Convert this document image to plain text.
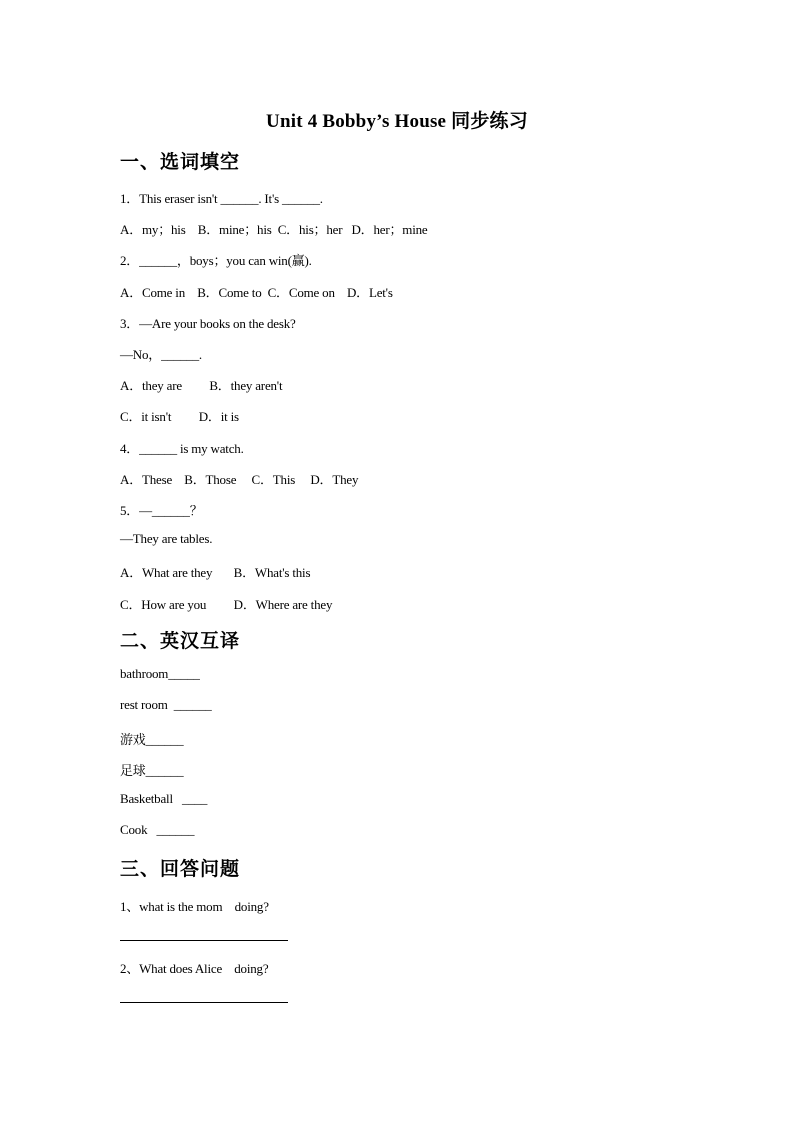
Unit 4 Bobby’s House 同步练习
一、选词填空
1．This eraser isn't ______. It's ______.
A．my；his    B．mine；his  C．his；her   D．her；mine
2．______，boys；you can win(赢).
A．Come in    B．Come to  C．Come on    D．Let's
3．—Are your books on the desk?
—No，______.
A．they are         B．they aren't
C．it isn't         D．it is
4．______ is my watch.
A．These    B．Those     C．This     D．They
5．—______？
—They are tables.
A．What are they       B．What's this
C．How are you         D．Where are they
二、英汉互译
bathroom_____
rest room  ______
游戏______
足球______
Basketball   ____
Cook   ______
三、回答问题
1、what is the mom    doing?
2、What does Alice    doing?
